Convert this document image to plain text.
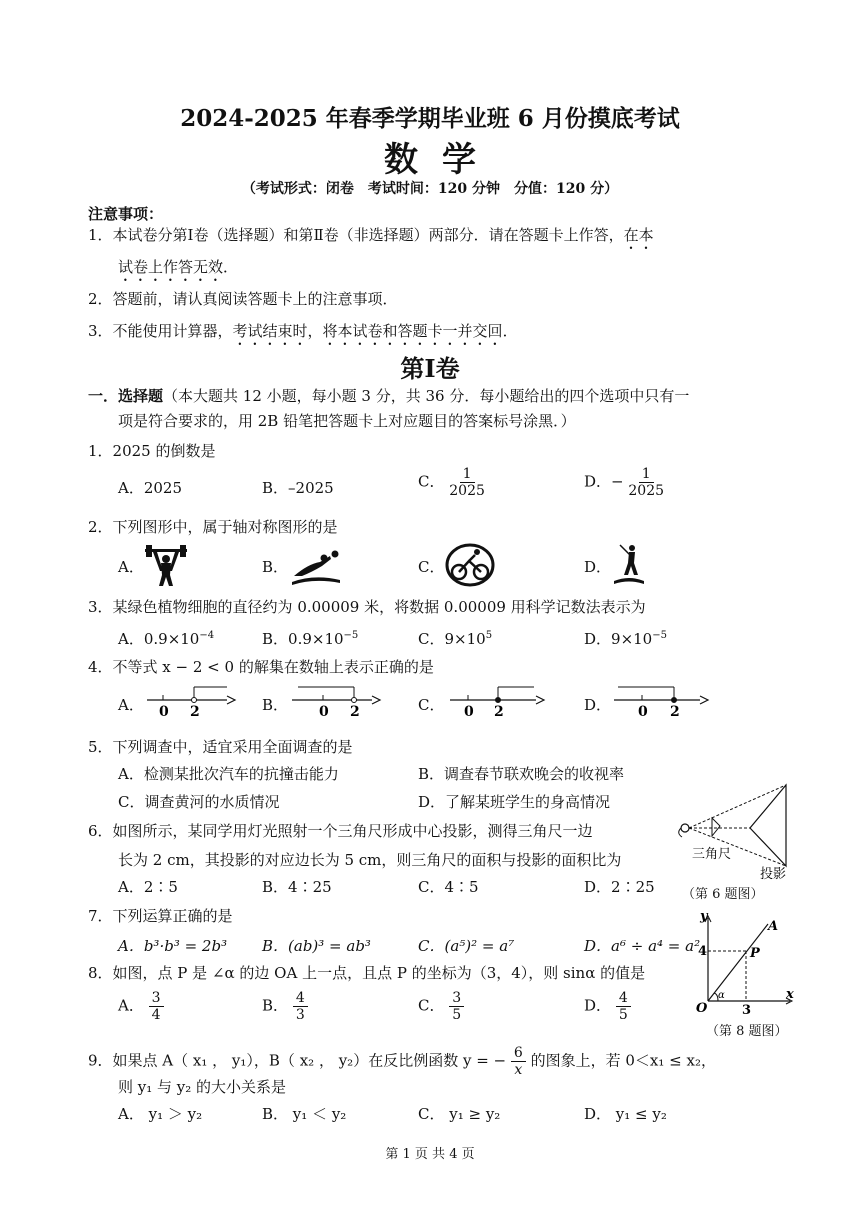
2024-2025 年春季学期毕业班 6 月份摸底考试
数学
（考试形式：闭卷　考试时间：120 分钟　分值：120 分）
注意事项：
1．本试卷分第Ⅰ卷（选择题）和第Ⅱ卷（非选择题）两部分．请在答题卡上作答，在本
试卷上作答无效．
2．答题前，请认真阅读答题卡上的注意事项．
3．不能使用计算器，考试结束时，将本试卷和答题卡一并交回．
第Ⅰ卷
一．选择题（本大题共 12 小题，每小题 3 分，共 36 分．每小题给出的四个选项中只有一
项是符合要求的，用 2B 铅笔把答题卡上对应题目的答案标号涂黑．）
1．2025 的倒数是
A．2025	B．–2025	C． $\frac{1}{2025}$	D．− $\frac{1}{2025}$
2．下列图形中，属于轴对称图形的是
A．	B．	C．	D．
3．某绿色植物细胞的直径约为 0.00009 米，将数据 0.00009 用科学记数法表示为
A．$0.9\times 10^{-4}$	B．$0.9\times 10^{-5}$	C．$9\times 10^5$	D．$9\times 10^{-5}$
4．不等式 x − 2 < 0 的解集在数轴上表示正确的是
A． 0 2	B． 0 2	C． 0 2	D． 0 2
5．下列调查中，适宜采用全面调查的是
A．检测某批次汽车的抗撞击能力	B．调查春节联欢晚会的收视率
C．调查黄河的水质情况	D．了解某班学生的身高情况
6．如图所示，某同学用灯光照射一个三角尺形成中心投影，测得三角尺一边
长为 2 cm，其投影的对应边长为 5 cm，则三角尺的面积与投影的面积比为
A．2∶5	B．4∶25	C．4∶5	D．2∶25
三角尺
投影
（第 6 题图）
7．下列运算正确的是
A．b³·b³ = 2b³ B．(ab)³ = ab³	C．(a⁵)² = a⁷	D．a⁶ ÷ a⁴ = a²
y
x
A
P
O
4
3
α
（第 8 题图）
8．如图，点 P 是 ∠α 的边 OA 上一点，且点 P 的坐标为（3，4），则 sinα 的值是
A． $\frac{3}{4}$	B． $\frac{4}{3}$	C． $\frac{3}{5}$	D． $\frac{4}{5}$
9．如果点 A（ x₁ ， y₁），B（ x₂ ， y₂）在反比例函数 y = − $\frac{6}{x}$ 的图象上，若 0＜x₁ ≤ x₂，
则 y₁ 与 y₂ 的大小关系是
A． y₁ ＞ y₂	B． y₁ ＜ y₂	C． y₁ ≥ y₂	D． y₁ ≤ y₂
第 1 页 共 4 页
